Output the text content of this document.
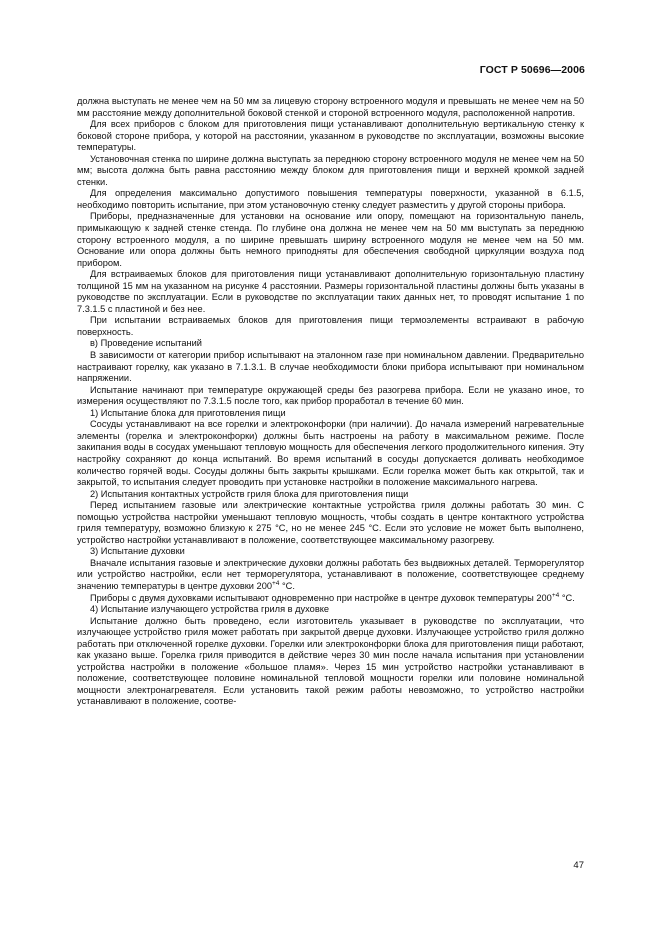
ГОСТ Р 50696—2006

должна выступать не менее чем на 50 мм за лицевую сторону встроенного модуля и превышать не менее чем на 50 мм расстояние между дополнительной боковой стенкой и стороной встроенного модуля, расположенной напротив.

Для всех приборов с блоком для приготовления пищи устанавливают дополнительную вертикальную стенку к боковой стороне прибора, у которой на расстоянии, указанном в руководстве по эксплуатации, возможны высокие температуры.

Установочная стенка по ширине должна выступать за переднюю сторону встроенного модуля не менее чем на 50 мм; высота должна быть равна расстоянию между блоком для приготовления пищи и верхней кромкой задней стенки.

Для определения максимально допустимого повышения температуры поверхности, указанной в 6.1.5, необходимо повторить испытание, при этом установочную стенку следует разместить у другой стороны прибора.

Приборы, предназначенные для установки на основание или опору, помещают на горизонтальную панель, примыкающую к задней стенке стенда. По глубине она должна не менее чем на 50 мм выступать за переднюю сторону встроенного модуля, а по ширине превышать ширину встроенного модуля не менее чем на 50 мм. Основание или опора должны быть немного приподняты для обеспечения свободной циркуляции воздуха под прибором.

Для встраиваемых блоков для приготовления пищи устанавливают дополнительную горизонтальную пластину толщиной 15 мм на указанном на рисунке 4 расстоянии. Размеры горизонтальной пластины должны быть указаны в руководстве по эксплуатации. Если в руководстве по эксплуатации таких данных нет, то проводят испытание 1 по 7.3.1.5 с пластиной и без нее.

При испытании встраиваемых блоков для приготовления пищи термоэлементы встраивают в рабочую поверхность.

в) Проведение испытаний

В зависимости от категории прибор испытывают на эталонном газе при номинальном давлении. Предварительно настраивают горелку, как указано в 7.1.3.1. В случае необходимости блоки прибора испытывают при номинальном напряжении.

Испытание начинают при температуре окружающей среды без разогрева прибора. Если не указано иное, то измерения осуществляют по 7.3.1.5 после того, как прибор проработал в течение 60 мин.

1) Испытание блока для приготовления пищи

Сосуды устанавливают на все горелки и электроконфорки (при наличии). До начала измерений нагревательные элементы (горелка и электроконфорки) должны быть настроены на работу в максимальном режиме. После закипания воды в сосудах уменьшают тепловую мощность для обеспечения легкого продолжительного кипения. Эту настройку сохраняют до конца испытаний. Во время испытаний в сосуды допускается доливать необходимое количество горячей воды. Сосуды должны быть закрыты крышками. Если горелка может быть как открытой, так и закрытой, то испытания следует проводить при установке настройки в положение максимального нагрева.

2) Испытания контактных устройств гриля блока для приготовления пищи

Перед испытанием газовые или электрические контактные устройства гриля должны работать 30 мин. С помощью устройства настройки уменьшают тепловую мощность, чтобы создать в центре контактного устройства гриля температуру, возможно близкую к 275 °С, но не менее 245 °С. Если это условие не может быть выполнено, устройство настройки устанавливают в положение, соответствующее максимальному разогреву.

3) Испытание духовки

Вначале испытания газовые и электрические духовки должны работать без выдвижных деталей. Терморегулятор или устройство настройки, если нет терморегулятора, устанавливают в положение, соответствующее среднему значению температуры в центре духовки $200^{+4}$ °С.

Приборы с двумя духовками испытывают одновременно при настройке в центре духовок температуры $200^{+4}$ °С.

4) Испытание излучающего устройства гриля в духовке

Испытание должно быть проведено, если изготовитель указывает в руководстве по эксплуатации, что излучающее устройство гриля может работать при закрытой дверце духовки. Излучающее устройство гриля должно работать при отключенной горелке духовки. Горелки или электроконфорки блока для приготовления пищи работают, как указано выше. Горелка гриля приводится в действие через 30 мин после начала испытания при установлении устройства настройки в положение «большое пламя». Через 15 мин устройство настройки устанавливают в положение, соответствующее половине номинальной тепловой мощности горелки или половине номинальной мощности электронагревателя. Если установить такой режим работы невозможно, то устройство настройки устанавливают в положение, соотве-

47
